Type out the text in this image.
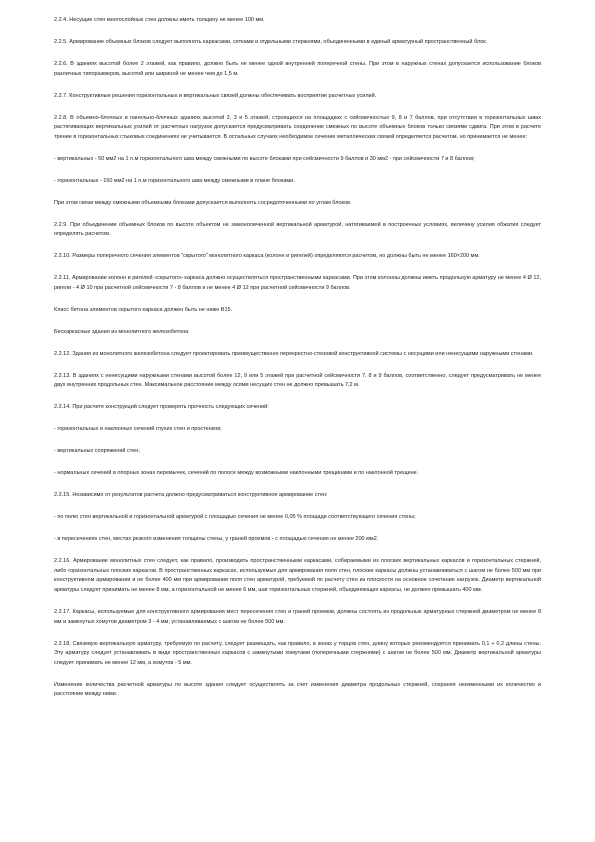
2.2.4. Несущие стен многослойных стен должны иметь толщину не менее 100 мм.

2.2.5. Армирование объемных блоков следует выполнять каркасами, сетками и отдельными стержнями, объединенными в единый арматурный пространственный блок.

2.2.6. В зданиях высотой более 2 этажей, как правило, должно быть не менее одной внутренней поперечной стены. При этом в наружных стенах допускается использование блоков различных типоразмеров, высотой или шириной не менее чем до 1,5 м.

2.2.7. Конструктивные решения горизонтальных и вертикальных связей должны обеспечивать восприятие расчетных усилий.

2.2.8. В объемно-блочных и панельно-блочных зданиях высотой 2, 3 и 5 этажей, строящихся на площадках с сейсмичностью 9, 8 и 7 баллов, при отсутствии в горизонтальных швах растягивающих вертикальных усилий от расчетных нагрузок допускается предусматривать соединение смежных по высоте объемных блоков только связями сдвига. При этом в расчете трение в горизонтальных стыковых соединениях не учитывается. В остальных случаях необходимое сечение металлических связей определяется расчетом, но принимается не менее:

- вертикальных - 50 мм2 на 1 п.м горизонтального шва между смежными по высоте блоками при сейсмичности 9 баллов и 30 мм2 - при сейсмичности 7 и 8 баллов;

- горизонтальных - 150 мм2 на 1 п.м горизонтального шва между смежными в плане блоками.

При этом связи между смежными объемными блоками допускается выполнять сосредоточенными по углам блоков.

2.2.9. При объединении объемных блоков по высоте объектом не замоноличенной вертикальной арматурой, натягиваемой в построечных условиях, величину усилия обжатия следует определять расчетом.

2.2.10. Размеры поперечного сечения элементов "скрытого" монолитного каркаса (колонн и ригелей) определяются расчетом, но должны быть не менее 160×200 мм.

2.2.11. Армирование колонн и ригелей «скрытого» каркаса должно осуществляться пространственными каркасами. При этом колонны должны иметь продольную арматуру не менее 4 Ø 12, ригели - 4 Ø 10 при расчетной сейсмичности 7 - 8 баллов и не менее 4 Ø 12 при расчетной сейсмичности 9 баллов.

Класс бетона элементов скрытого каркаса должен быть не ниже В15.

Бескаркасные здания из монолитного железобетона

2.2.12. Здания из монолитного железобетона следует проектировать преимущественно перекрестно-стеновой конструктивной системы с несущими или ненесущими наружными стенами.

2.2.13. В зданиях с ненесущими наружными стенами высотой более 12, 9 или 5 этажей при расчетной сейсмичности 7, 8 и 9 баллов, соответственно, следует предусматривать не менее двух внутренних продольных стен. Максимальное расстояние между осями несущих стен не должно превышать 7,2 м.

2.2.14. При расчете конструкций следует проверять прочность следующих сечений:

- горизонтальных и наклонных сечений глухих стен и простенков;

- вертикальных сопряжений стен;

- нормальных сечений в опорных зонах перемычек, сечений по полосе между возможными наклонными трещинами и по наклонной трещине.

2.2.15. Независимо от результатов расчета должно предусматриваться конструктивное армирование стен:

- по полю стен вертикальной и горизонтальной арматурой с площадью сечения не менее 0,05 % площади соответствующего сечения стены;

- в пересечениях стен, местах резкого изменения толщины стены, у граней проемов - с площадью сечения не менее 200 мм2.

2.2.16. Армирование монолитных стен следует, как правило, производить пространственными каркасами, собираемыми из плоских вертикальных каркасов и горизонтальных стержней, либо горизонтальных плоских каркасов. В пространственных каркасах, используемых для армирования поля стен, плоские каркасы должны устанавливаться с шагом не более 500 мм при конструктивном армировании и не более 400 мм при армировании поля стен арматурой, требуемой по расчету стен из плоскости на основное сочетание нагрузок. Диаметр вертикальной арматуры следует принимать не менее 8 мм, а горизонтальной не менее 6 мм, шаг горизонтальных стержней, объединяющих каркасы, не должен превышать 400 мм.

2.2.17. Каркасы, используемые для конструктивного армирования мест пересечения стен и граней проемов, должны состоять из продольных арматурных стержней диаметром не менее 8 мм и замкнутых хомутов диаметром 3 - 4 мм, устанавливаемых с шагом не более 500 мм.

2.2.18. Связевую вертикальную арматуру, требуемую по расчету, следует размещать, как правило, в зонах у торцов стен, длину которых рекомендуется принимать 0,1 + 0,2 длины стены. Эту арматуру следует устанавливать в виде пространственных каркасов с замкнутыми хомутами (поперечными стержнями) с шагом не более 500 мм. Диаметр вертикальной арматуры следует принимать не менее 12 мм, а хомутов - 5 мм.

Изменение количества расчетной арматуры по высоте здания следует осуществлять за счет изменения диаметра продольных стержней, сохраняя неизменными их количество и расстояние между ними.
